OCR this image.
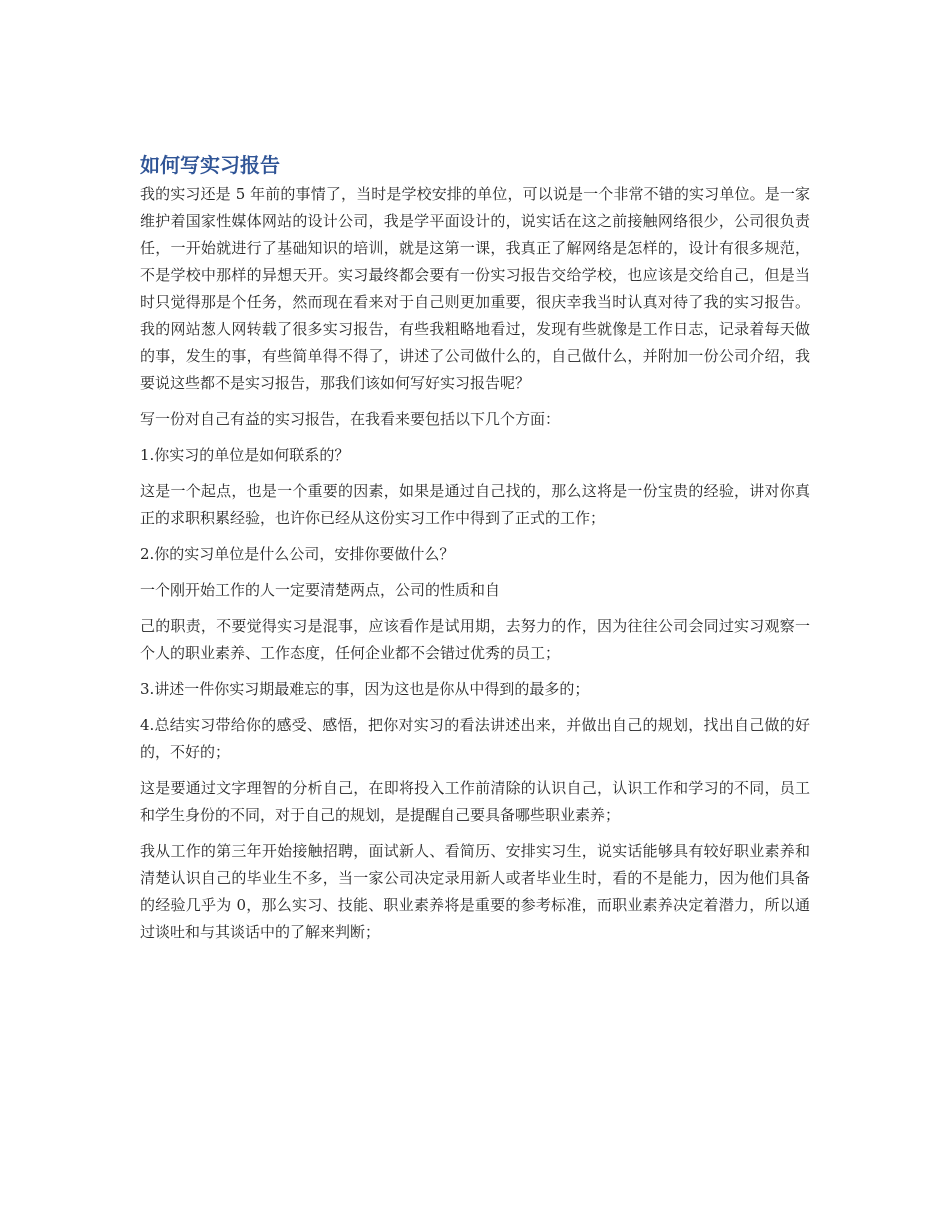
如何写实习报告

我的实习还是 5 年前的事情了，当时是学校安排的单位，可以说是一个非常不错的实习单位。是一家维护着国家性媒体网站的设计公司，我是学平面设计的，说实话在这之前接触网络很少，公司很负责任，一开始就进行了基础知识的培训，就是这第一课，我真正了解网络是怎样的，设计有很多规范，不是学校中那样的异想天开。实习最终都会要有一份实习报告交给学校，也应该是交给自己，但是当时只觉得那是个任务，然而现在看来对于自己则更加重要，很庆幸我当时认真对待了我的实习报告。我的网站葱人网转载了很多实习报告，有些我粗略地看过，发现有些就像是工作日志，记录着每天做的事，发生的事，有些简单得不得了，讲述了公司做什么的，自己做什么，并附加一份公司介绍，我要说这些都不是实习报告，那我们该如何写好实习报告呢？

写一份对自己有益的实习报告，在我看来要包括以下几个方面：

1.你实习的单位是如何联系的？

这是一个起点，也是一个重要的因素，如果是通过自己找的，那么这将是一份宝贵的经验，讲对你真正的求职积累经验，也许你已经从这份实习工作中得到了正式的工作；

2.你的实习单位是什么公司，安排你要做什么？

一个刚开始工作的人一定要清楚两点，公司的性质和自

己的职责，不要觉得实习是混事，应该看作是试用期，去努力的作，因为往往公司会同过实习观察一个人的职业素养、工作态度，任何企业都不会错过优秀的员工；

3.讲述一件你实习期最难忘的事，因为这也是你从中得到的最多的；

4.总结实习带给你的感受、感悟，把你对实习的看法讲述出来，并做出自己的规划，找出自己做的好的，不好的；

这是要通过文字理智的分析自己，在即将投入工作前清除的认识自己，认识工作和学习的不同，员工和学生身份的不同，对于自己的规划，是提醒自己要具备哪些职业素养；

我从工作的第三年开始接触招聘，面试新人、看简历、安排实习生，说实话能够具有较好职业素养和清楚认识自己的毕业生不多，当一家公司决定录用新人或者毕业生时，看的不是能力，因为他们具备的经验几乎为 0，那么实习、技能、职业素养将是重要的参考标准，而职业素养决定着潜力，所以通过谈吐和与其谈话中的了解来判断；
